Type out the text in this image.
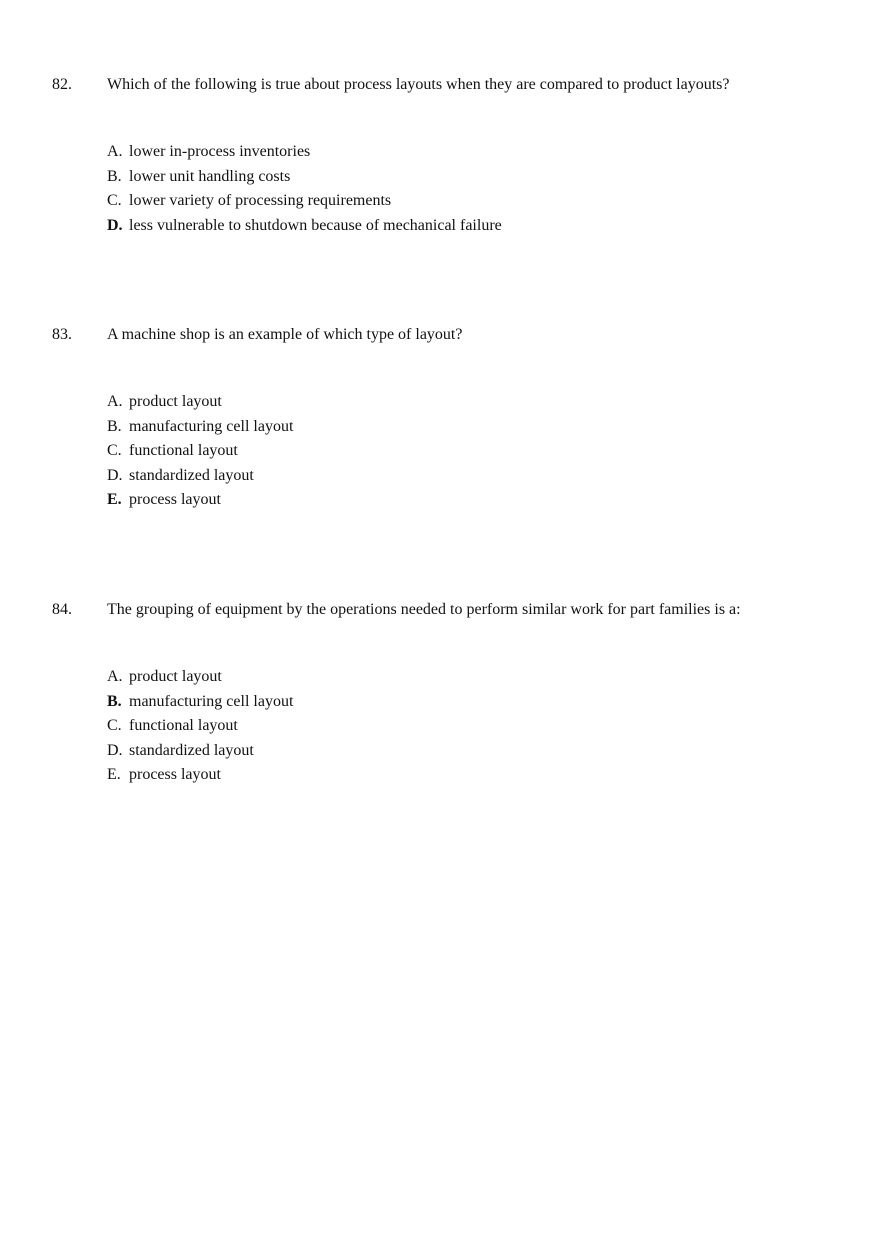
82. Which of the following is true about process layouts when they are compared to product layouts?
A. lower in-process inventories
B. lower unit handling costs
C. lower variety of processing requirements
D. less vulnerable to shutdown because of mechanical failure
83. A machine shop is an example of which type of layout?
A. product layout
B. manufacturing cell layout
C. functional layout
D. standardized layout
E. process layout
84. The grouping of equipment by the operations needed to perform similar work for part families is a:
A. product layout
B. manufacturing cell layout
C. functional layout
D. standardized layout
E. process layout
